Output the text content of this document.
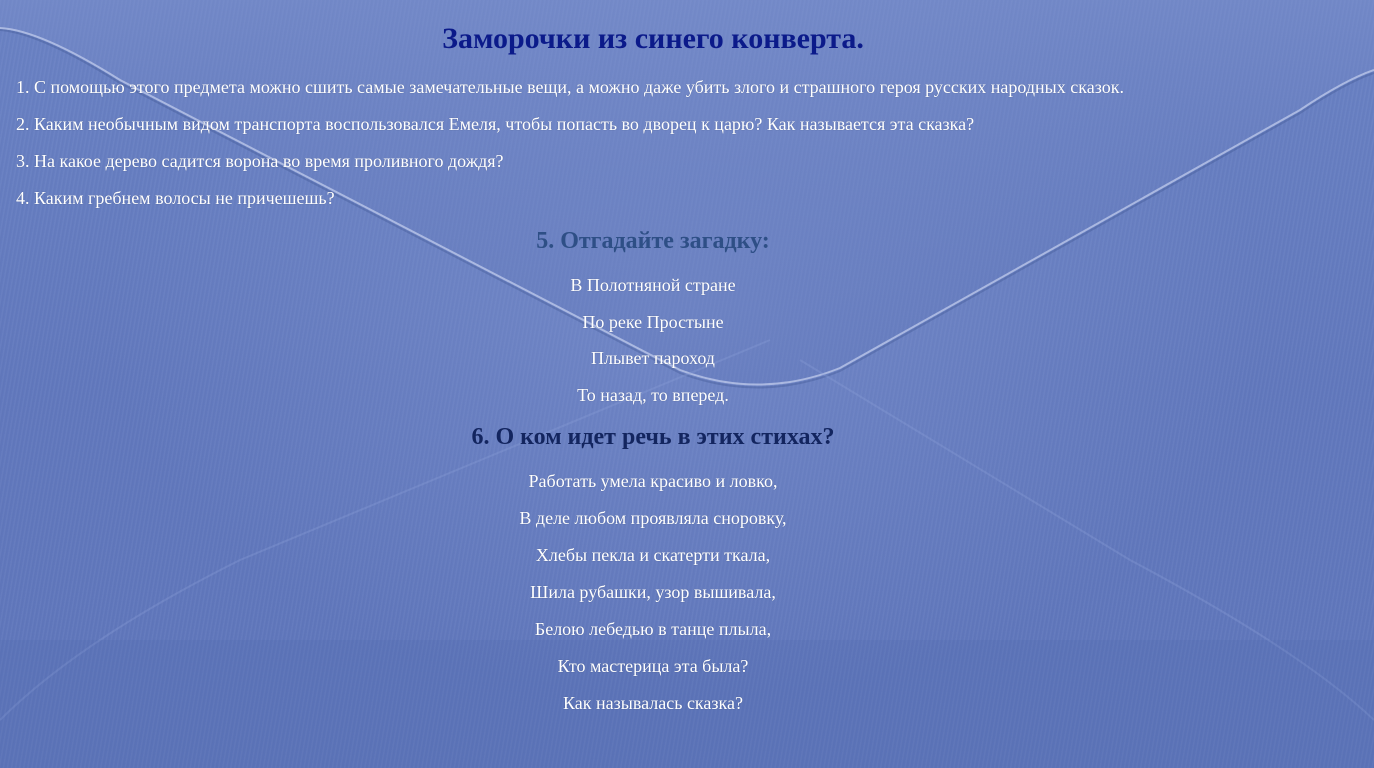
Заморочки из синего конверта.

1. С помощью этого предмета можно сшить самые замечательные вещи, а можно даже убить злого и страшного героя русских народных сказок.

2. Каким необычным видом транспорта воспользовался Емеля, чтобы попасть во дворец к царю? Как называется эта сказка?

3. На какое дерево садится ворона во время проливного дождя?

4. Каким гребнем волосы не причешешь?

5. Отгадайте загадку:

В Полотняной стране

По реке Простыне

Плывет пароход

То назад, то вперед.

6. О ком идет речь в этих стихах?

Работать умела красиво и ловко,

В деле любом проявляла сноровку,

Хлебы пекла и скатерти ткала,

Шила рубашки, узор вышивала,

Белою лебедью в танце плыла,

Кто мастерица эта была?

Как называлась сказка?
